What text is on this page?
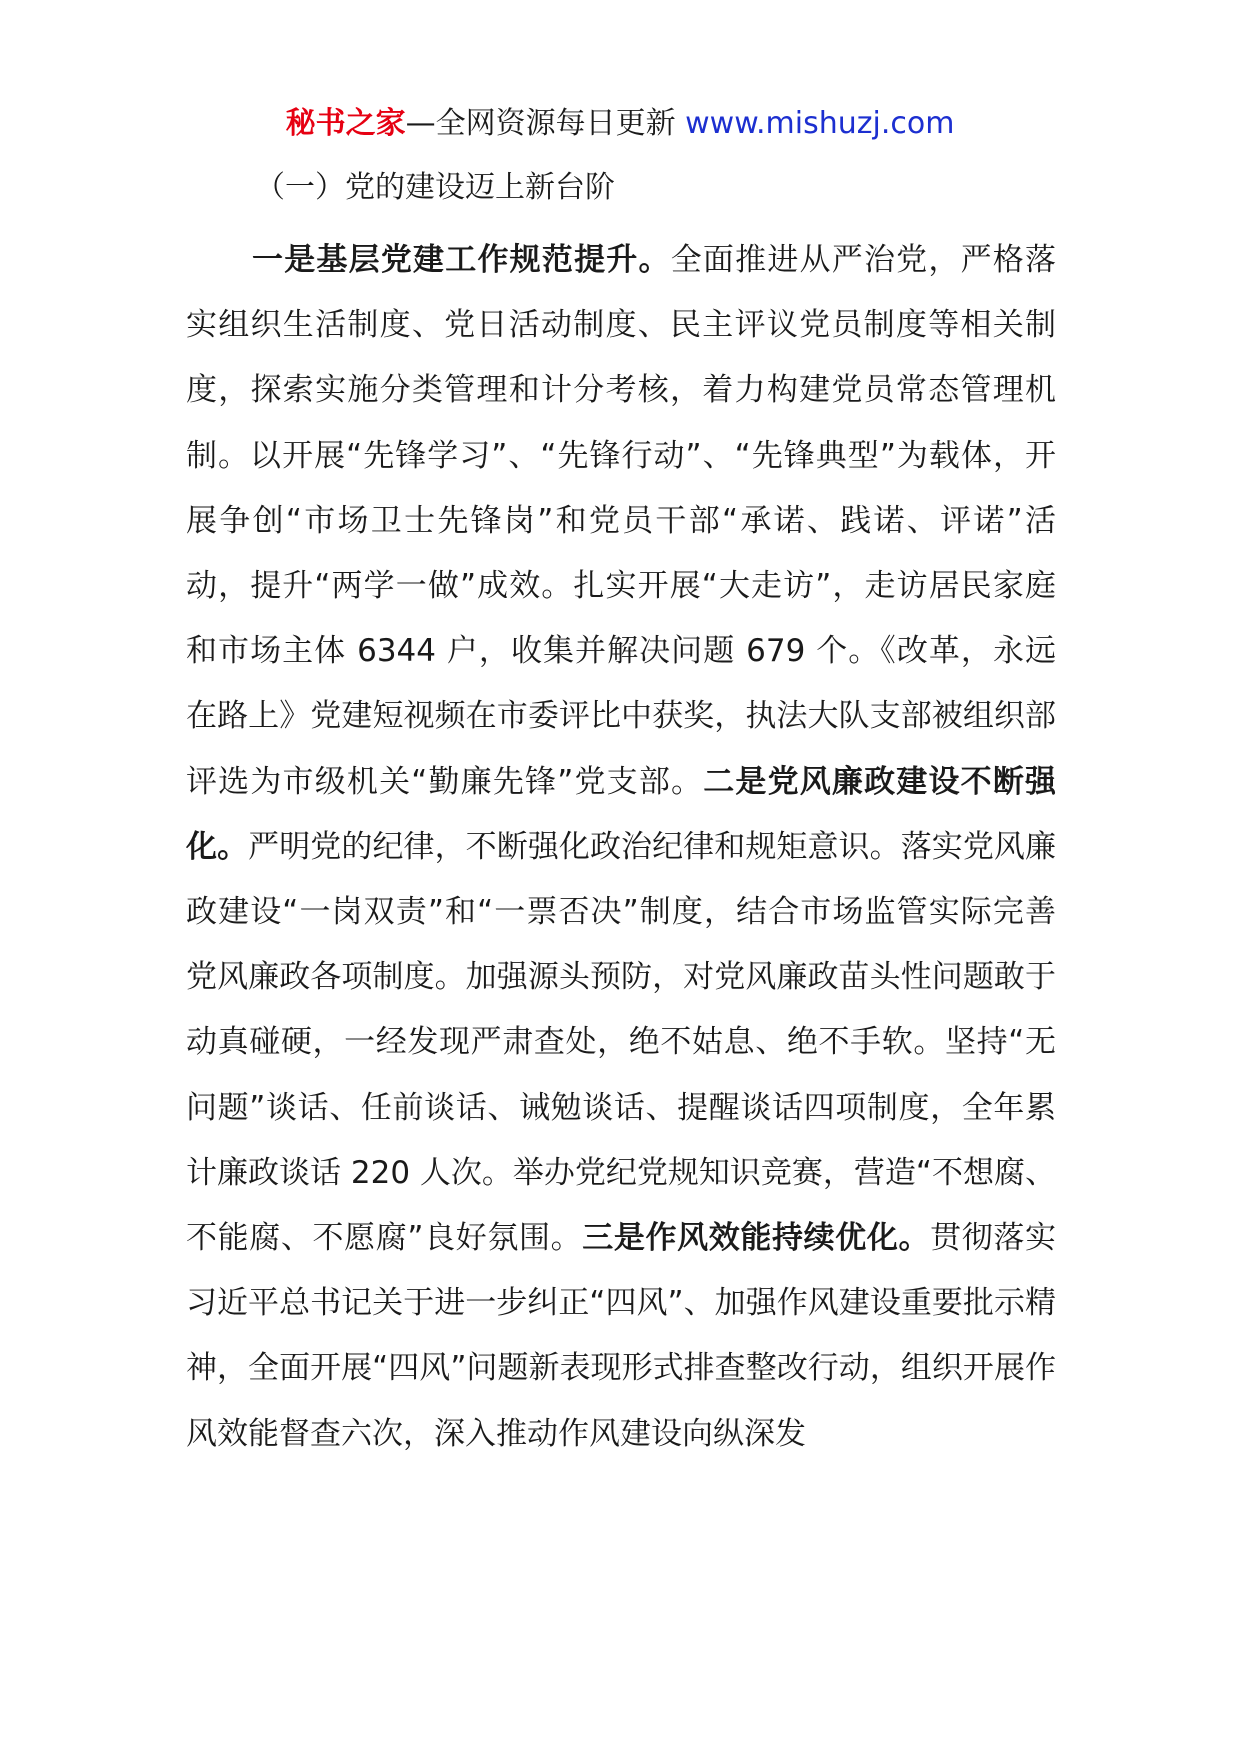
秘书之家—全网资源每日更新 www.mishuzj.com
（一）党的建设迈上新台阶
一是基层党建工作规范提升。全面推进从严治党，严格落实组织生活制度、党日活动制度、民主评议党员制度等相关制度，探索实施分类管理和计分考核，着力构建党员常态管理机制。以开展“先锋学习”、“先锋行动”、“先锋典型”为载体，开展争创“市场卫士先锋岗”和党员干部“承诺、践诺、评诺”活动，提升“两学一做”成效。扎实开展“大走访”，走访居民家庭和市场主体 6344 户，收集并解决问题 679 个。《改革，永远在路上》党建短视频在市委评比中获奖，执法大队支部被组织部评选为市级机关“勤廉先锋”党支部。二是党风廉政建设不断强化。严明党的纪律，不断强化政治纪律和规矩意识。落实党风廉政建设“一岗双责”和“一票否决”制度，结合市场监管实际完善党风廉政各项制度。加强源头预防，对党风廉政苗头性问题敢于动真碰硬，一经发现严肃查处，绝不姑息、绝不手软。坚持“无问题”谈话、任前谈话、诫勉谈话、提醒谈话四项制度，全年累计廉政谈话 220 人次。举办党纪党规知识竞赛，营造“不想腐、不能腐、不愿腐”良好氛围。三是作风效能持续优化。贯彻落实习近平总书记关于进一步纠正“四风”、加强作风建设重要批示精神，全面开展“四风”问题新表现形式排查整改行动，组织开展作风效能督查六次，深入推动作风建设向纵深发
